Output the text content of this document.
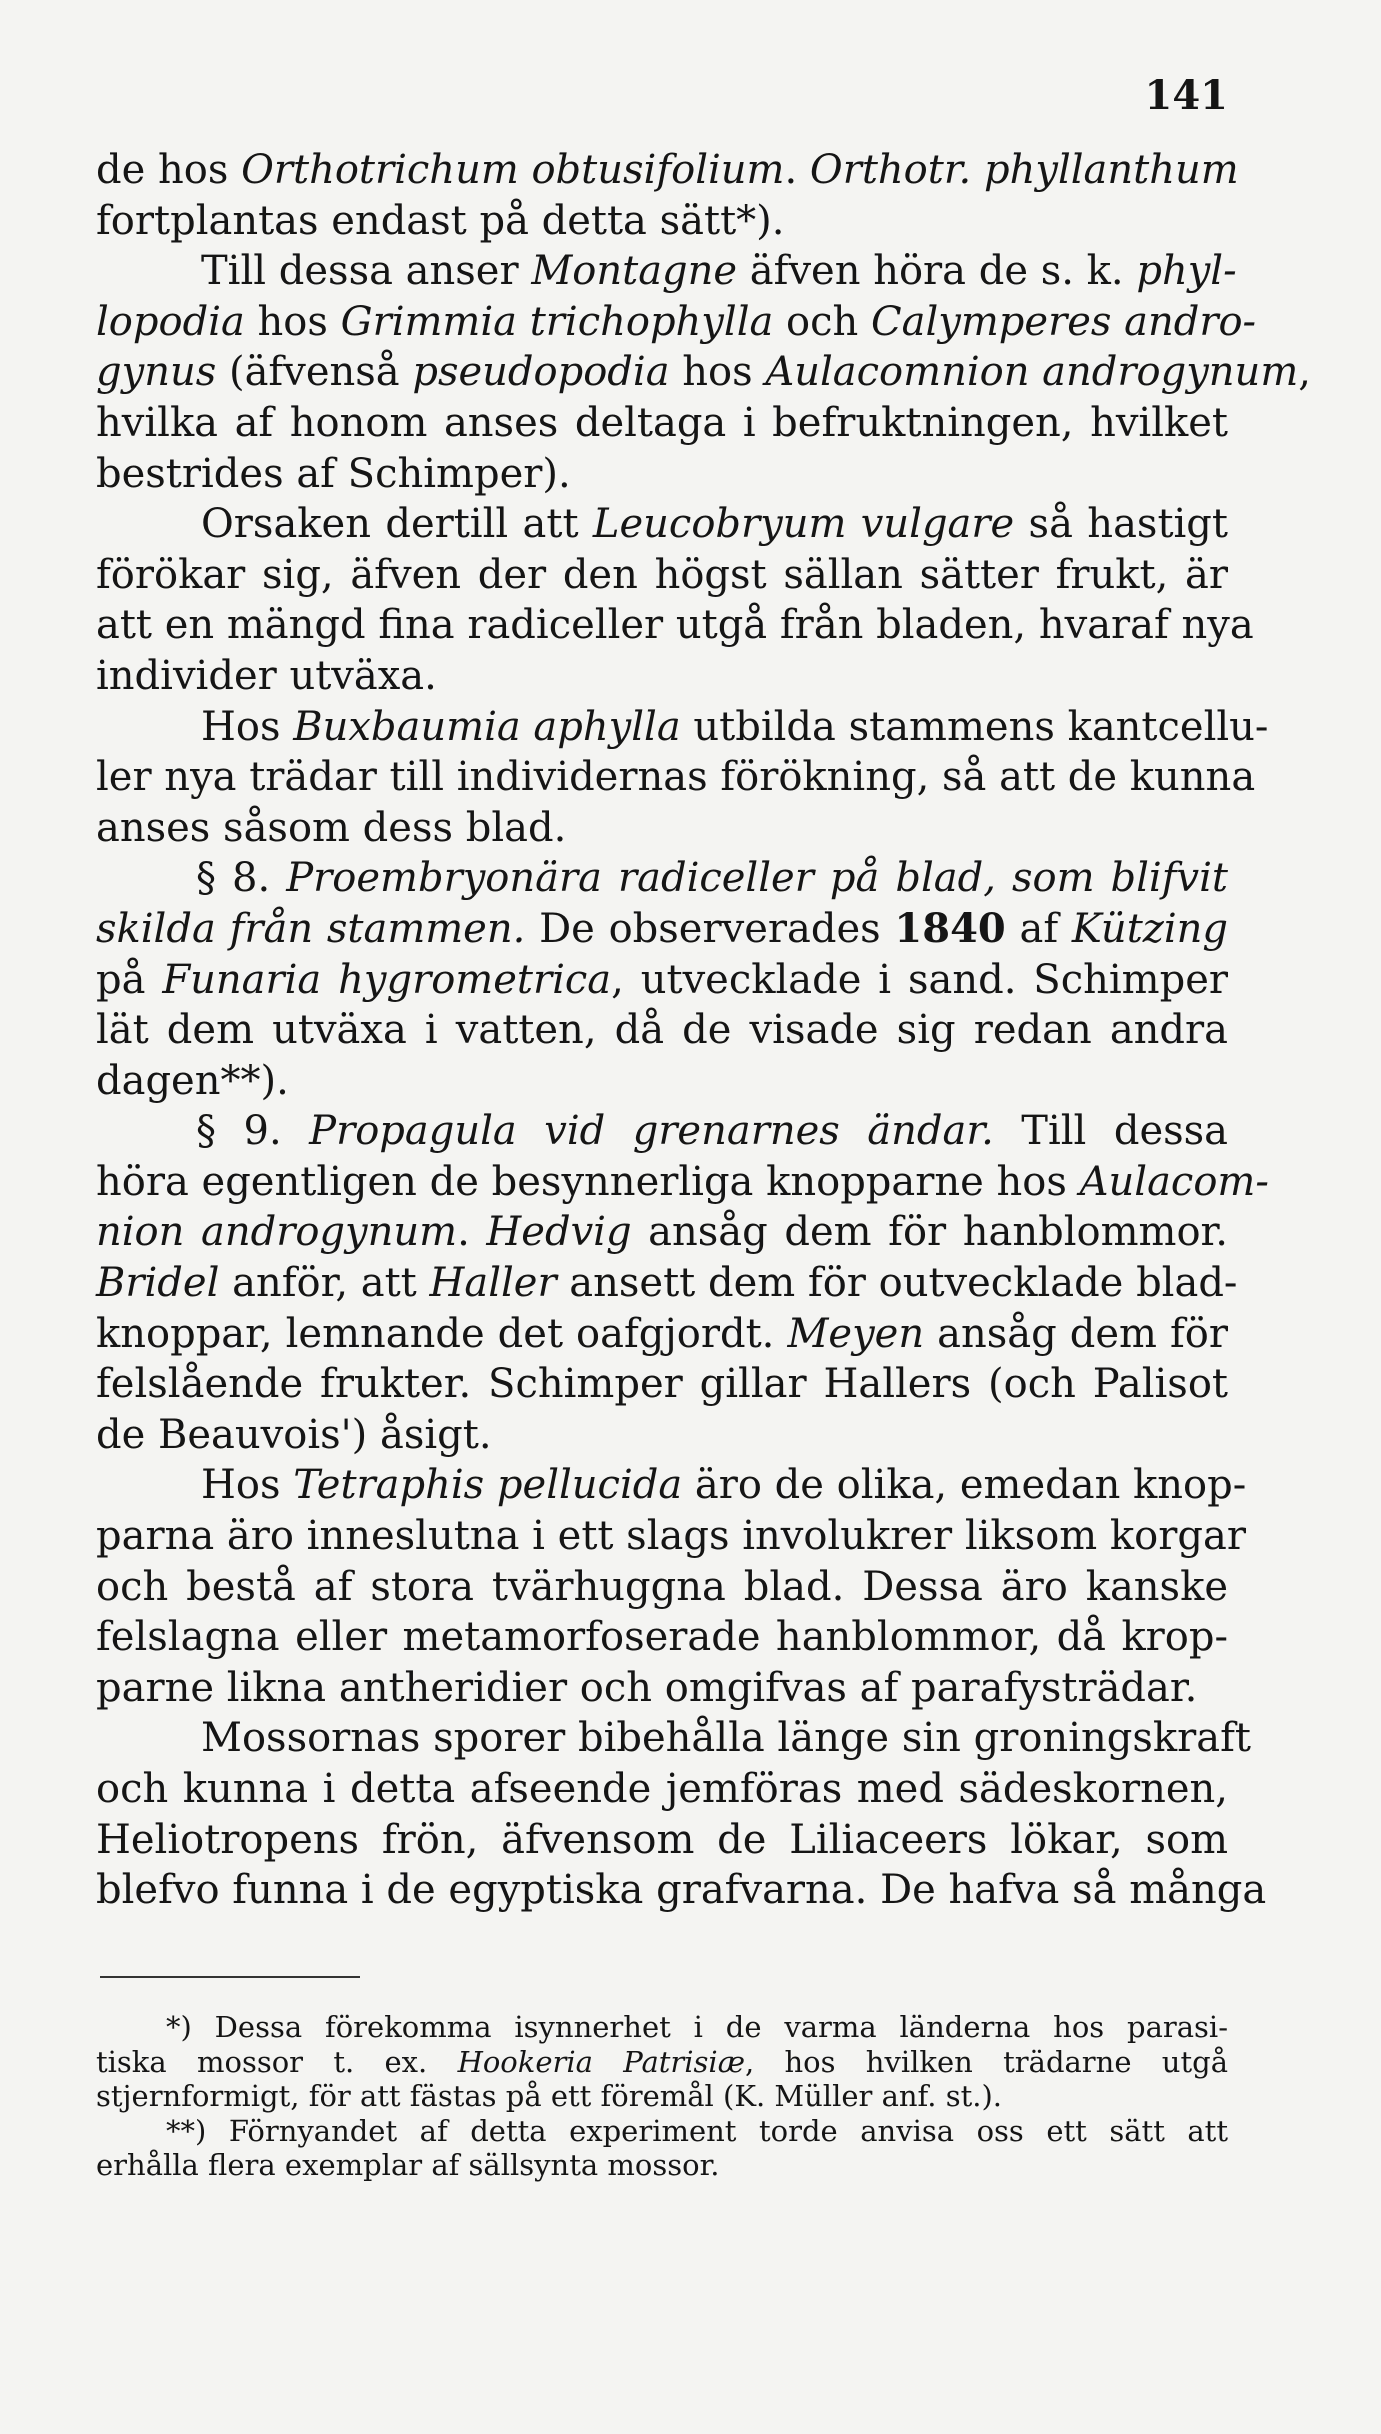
141
de hos Orthotrichum obtusifolium. Orthotr. phyllanthum
fortplantas endast på detta sätt*).
Till dessa anser Montagne äfven höra de s. k. phyl-
lopodia hos Grimmia trichophylla och Calymperes andro-
gynus (äfvenså pseudopodia hos Aulacomnion androgynum,
hvilka af honom anses deltaga i befruktningen, hvilket
bestrides af Schimper).
Orsaken dertill att Leucobryum vulgare så hastigt
förökar sig, äfven der den högst sällan sätter frukt, är
att en mängd fina radiceller utgå från bladen, hvaraf nya
individer utväxa.
Hos Buxbaumia aphylla utbilda stammens kantcellu-
ler nya trädar till individernas förökning, så att de kunna
anses såsom dess blad.
§ 8. Proembryonära radiceller på blad, som blifvit
skilda från stammen. De observerades 1840 af Kützing
på Funaria hygrometrica, utvecklade i sand. Schimper
lät dem utväxa i vatten, då de visade sig redan andra
dagen**).
§ 9. Propagula vid grenarnes ändar. Till dessa
höra egentligen de besynnerliga knopparne hos Aulacom-
nion androgynum. Hedvig ansåg dem för hanblommor.
Bridel anför, att Haller ansett dem för outvecklade blad-
knoppar, lemnande det oafgjordt. Meyen ansåg dem för
felslående frukter. Schimper gillar Hallers (och Palisot
de Beauvois') åsigt.
Hos Tetraphis pellucida äro de olika, emedan knop-
parna äro inneslutna i ett slags involukrer liksom korgar
och bestå af stora tvärhuggna blad. Dessa äro kanske
felslagna eller metamorfoserade hanblommor, då krop-
parne likna antheridier och omgifvas af parafysträdar.
Mossornas sporer bibehålla länge sin groningskraft
och kunna i detta afseende jemföras med sädeskornen,
Heliotropens frön, äfvensom de Liliaceers lökar, som
blefvo funna i de egyptiska grafvarna. De hafva så många
*) Dessa förekomma isynnerhet i de varma länderna hos parasi-
tiska mossor t. ex. Hookeria Patrisiæ, hos hvilken trädarne utgå
stjernformigt, för att fästas på ett föremål (K. Müller anf. st.).
**) Förnyandet af detta experiment torde anvisa oss ett sätt att
erhålla flera exemplar af sällsynta mossor.
